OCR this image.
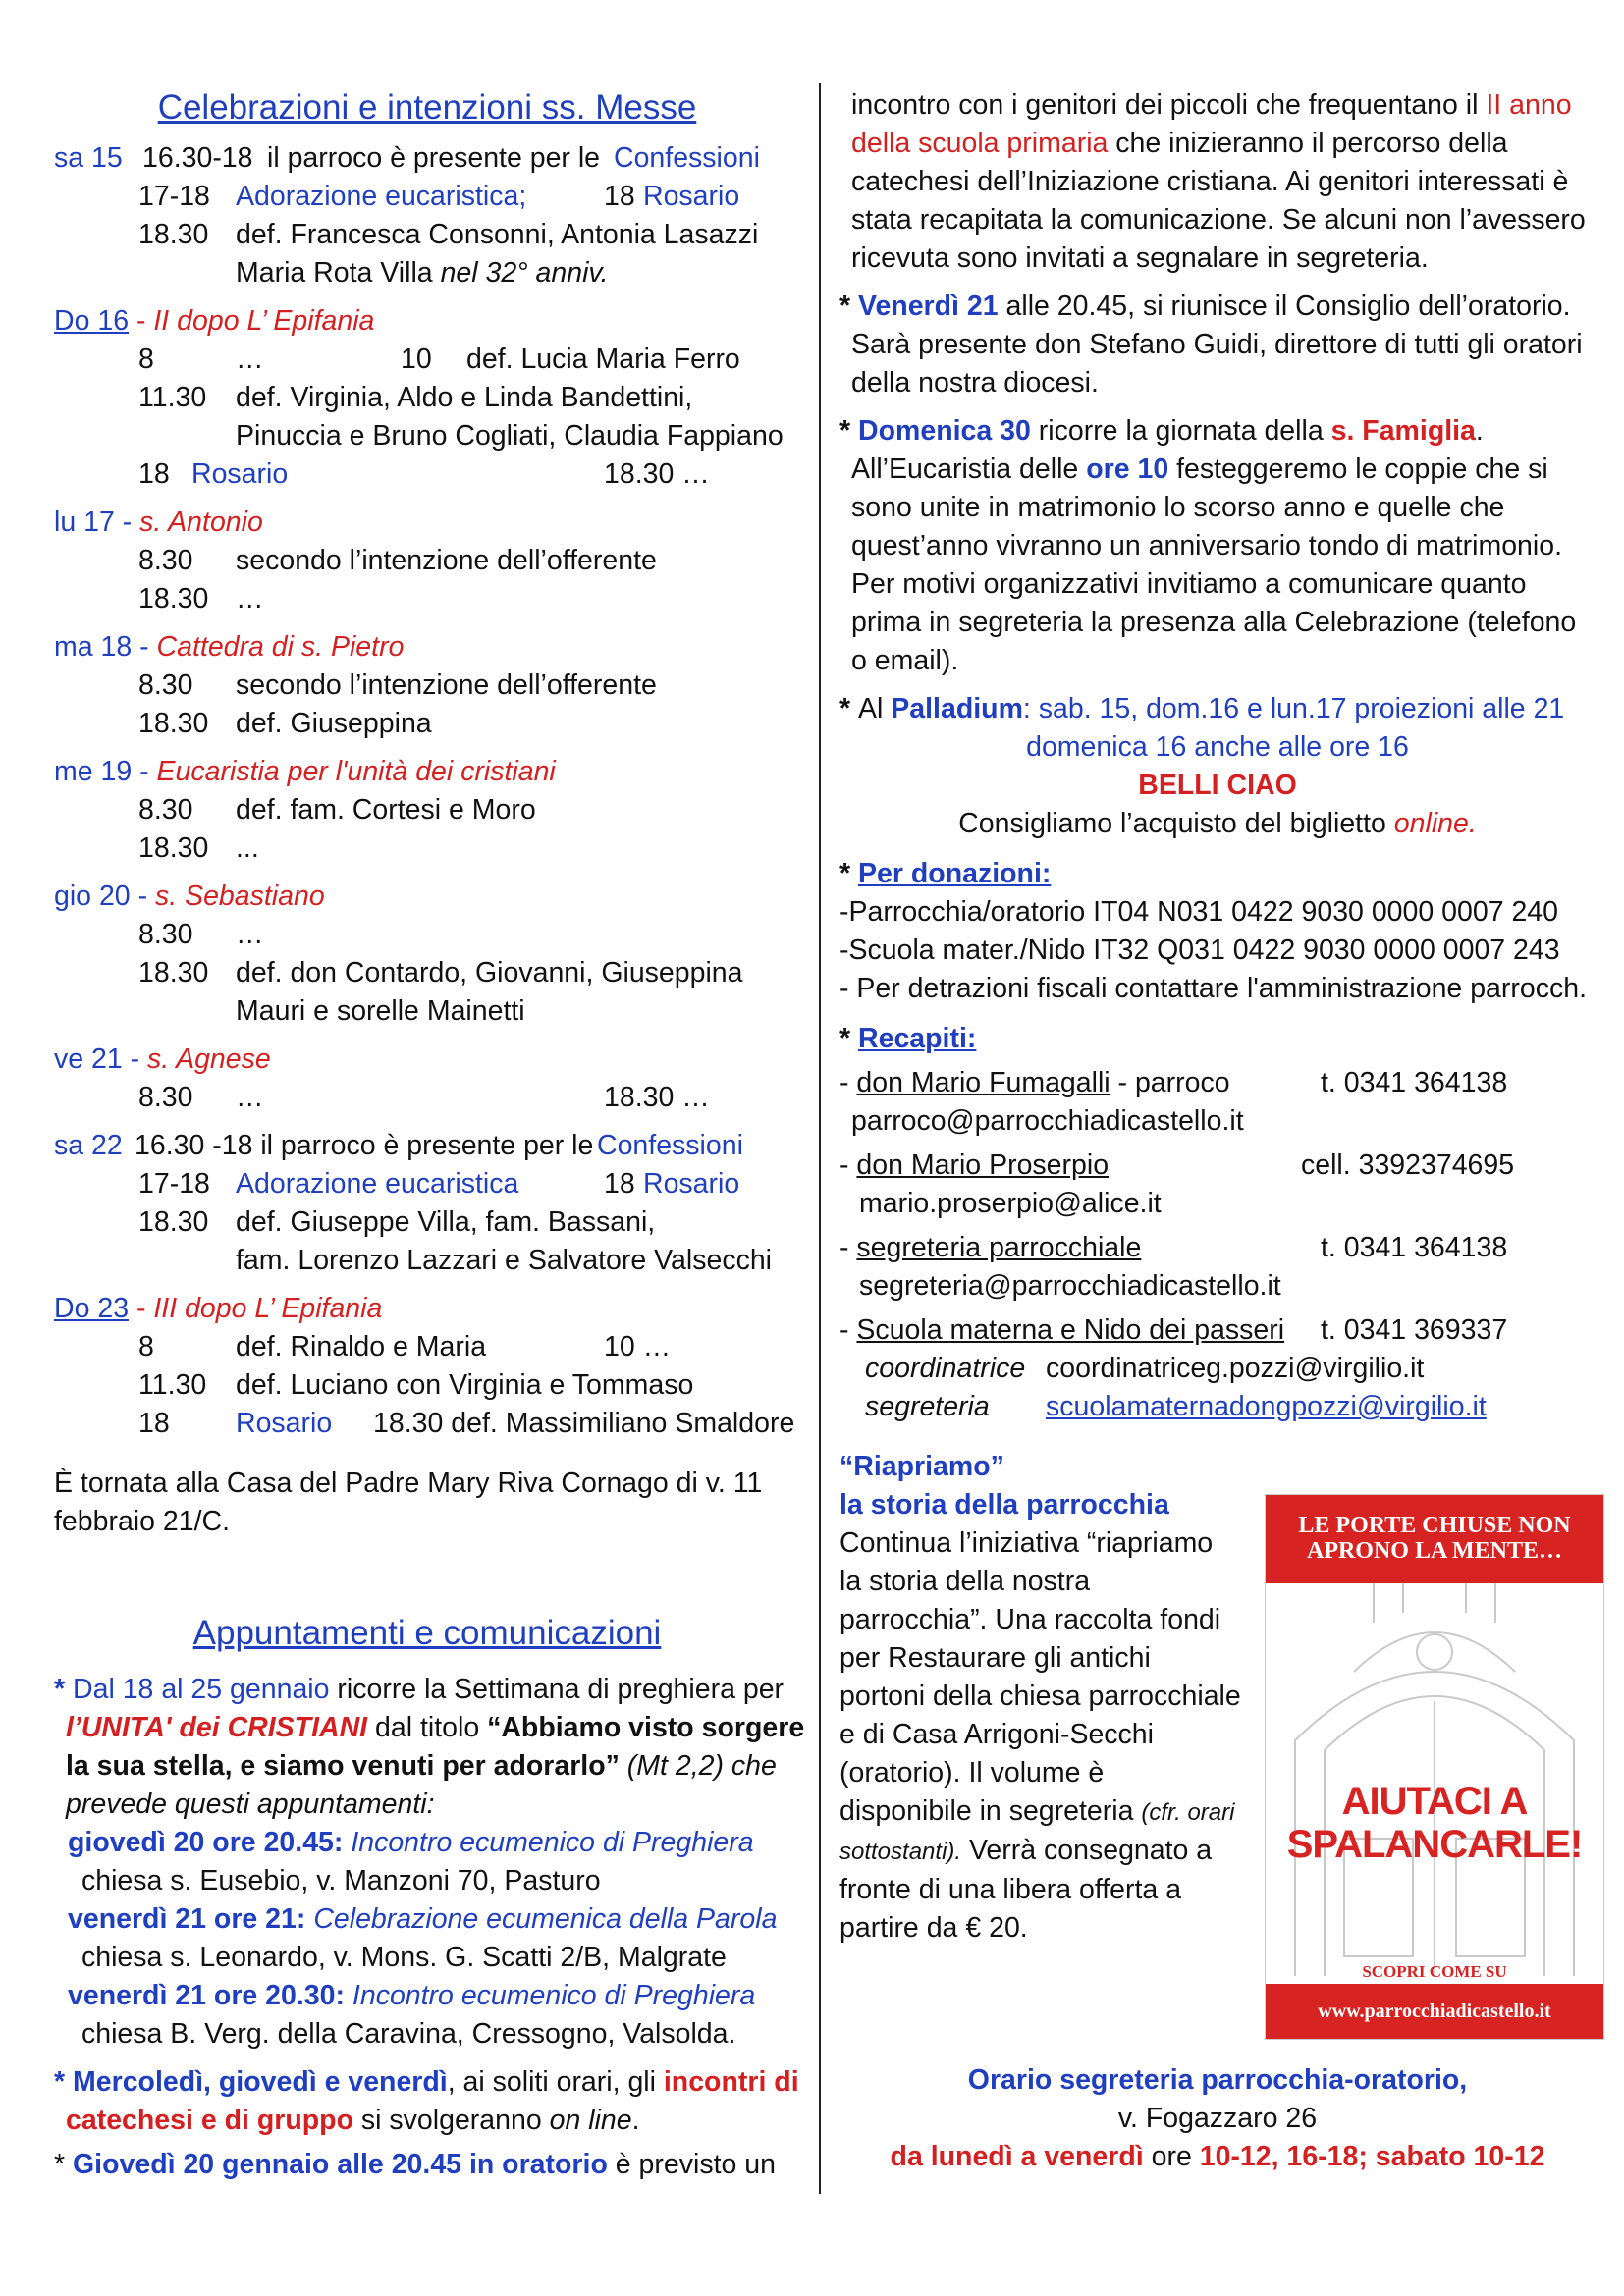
Celebrazioni e intenzioni ss. Messe
sa 15 16.30-18 il parroco è presente per le Confessioni
17-18 Adorazione eucaristica;	18 Rosario
18.30 def. Francesca Consonni, Antonia Lasazzi
Maria Rota Villa nel 32° anniv.
Do 16 - II dopo L’ Epifania
8	…	10 def. Lucia Maria Ferro
11.30 def. Virginia, Aldo e Linda Bandettini,
Pinuccia e Bruno Cogliati, Claudia Fappiano
18 Rosario	18.30 …
lu 17 - s. Antonio
8.30 secondo l’intenzione dell’offerente
18.30 …
ma 18 - Cattedra di s. Pietro
8.30 secondo l’intenzione dell’offerente
18.30 def. Giuseppina
me 19 - Eucaristia per l'unità dei cristiani
8.30 def. fam. Cortesi e Moro
18.30 ...
gio 20 - s. Sebastiano
8.30 …
18.30 def. don Contardo, Giovanni, Giuseppina
Mauri e sorelle Mainetti
ve 21 - s. Agnese
8.30 …	18.30 …
sa 22 16.30 -18 il parroco è presente per le Confessioni
17-18 Adorazione eucaristica	18 Rosario
18.30 def. Giuseppe Villa, fam. Bassani,
fam. Lorenzo Lazzari e Salvatore Valsecchi
Do 23 - III dopo L’ Epifania
8	def. Rinaldo e Maria	10 …
11.30 def. Luciano con Virginia e Tommaso
18 Rosario 18.30 def. Massimiliano Smaldore

È tornata alla Casa del Padre Mary Riva Cornago di v. 11 febbraio 21/C.

Appuntamenti e comunicazioni

* Dal 18 al 25 gennaio ricorre la Settimana di preghiera per l’UNITA' dei CRISTIANI dal titolo “Abbiamo visto sorgere la sua stella, e siamo venuti per adorarlo” (Mt 2,2) che prevede questi appuntamenti:

giovedì 20 ore 20.45: Incontro ecumenico di Preghiera
chiesa s. Eusebio, v. Manzoni 70, Pasturo
venerdì 21 ore 21: Celebrazione ecumenica della Parola
chiesa s. Leonardo, v. Mons. G. Scatti 2/B, Malgrate
venerdì 21 ore 20.30: Incontro ecumenico di Preghiera
chiesa B. Verg. della Caravina, Cressogno, Valsolda.

* Mercoledì, giovedì e venerdì, ai soliti orari, gli incontri di catechesi e di gruppo si svolgeranno on line.

* Giovedì 20 gennaio alle 20.45 in oratorio è previsto un

incontro con i genitori dei piccoli che frequentano il II anno della scuola primaria che inizieranno il percorso della catechesi dell’Iniziazione cristiana. Ai genitori interessati è stata recapitata la comunicazione. Se alcuni non l’avessero ricevuta sono invitati a segnalare in segreteria.

* Venerdì 21 alle 20.45, si riunisce il Consiglio dell’oratorio. Sarà presente don Stefano Guidi, direttore di tutti gli oratori della nostra diocesi.

* Domenica 30 ricorre la giornata della s. Famiglia. All’Eucaristia delle ore 10 festeggeremo le coppie che si sono unite in matrimonio lo scorso anno e quelle che quest’anno vivranno un anniversario tondo di matrimonio. Per motivi organizzativi invitiamo a comunicare quanto prima in segreteria la presenza alla Celebrazione (telefono o email).

* Al Palladium: sab. 15, dom.16 e lun.17 proiezioni alle 21
domenica 16 anche alle ore 16
BELLI CIAO
Consigliamo l’acquisto del biglietto online.
* Per donazioni:
-Parrocchia/oratorio IT04 N031 0422 9030 0000 0007 240
-Scuola mater./Nido IT32 Q031 0422 9030 0000 0007 243
- Per detrazioni fiscali contattare l'amministrazione parrocch.
* Recapiti:
- don Mario Fumagalli - parroco	t. 0341 364138
parroco@parrocchiadicastello.it
- don Mario Proserpio	cell. 3392374695
mario.proserpio@alice.it
- segreteria parrocchiale	t. 0341 364138
segreteria@parrocchiadicastello.it
- Scuola materna e Nido dei passeri t. 0341 369337
coordinatrice coordinatriceg.pozzi@virgilio.it
segreteria scuolamaternadongpozzi@virgilio.it
“Riapriamo”
la storia della parrocchia

Continua l’iniziativa “riapriamo la storia della nostra parrocchia”. Una raccolta fondi per Restaurare gli antichi portoni della chiesa parrocchiale e di Casa Arrigoni-Secchi (oratorio). Il volume è disponibile in segreteria (cfr. orari sottostanti). Verrà consegnato a fronte di una libera offerta a partire da € 20.

Orario segreteria parrocchia-oratorio,
v. Fogazzaro 26
da lunedì a venerdì ore 10-12, 16-18; sabato 10-12
LE PORTE CHIUSE NON APRONO LA MENTE…
AIUTACI A SPALANCARLE!
SCOPRI COME SU
www.parrocchiadicastello.it
